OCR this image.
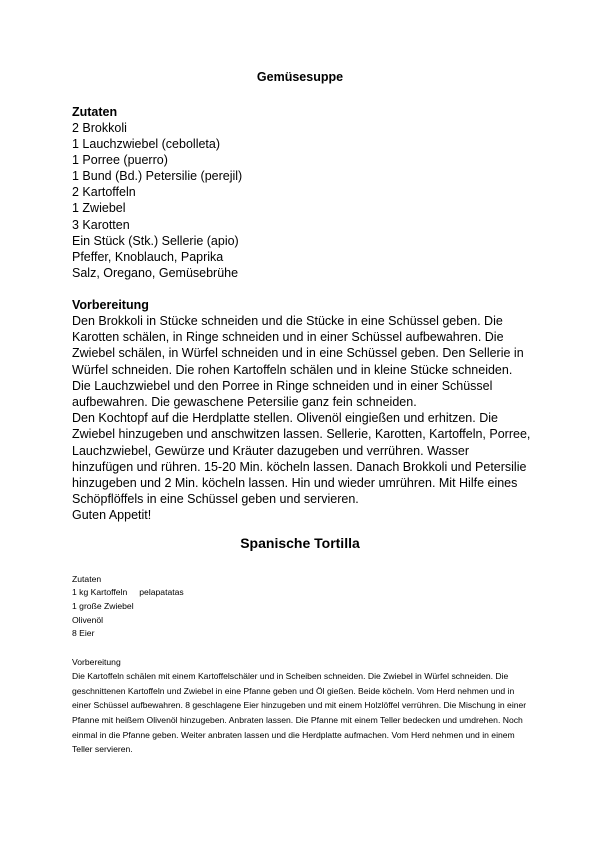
Gemüsesuppe
Zutaten
2 Brokkoli
1 Lauchzwiebel (cebolleta)
1 Porree (puerro)
1 Bund (Bd.) Petersilie (perejil)
2 Kartoffeln
1 Zwiebel
3 Karotten
Ein Stück (Stk.) Sellerie (apio)
Pfeffer, Knoblauch, Paprika
Salz, Oregano, Gemüsebrühe
Vorbereitung

Den Brokkoli in Stücke schneiden und die Stücke in eine Schüssel geben. Die Karotten schälen, in Ringe schneiden und in einer Schüssel aufbewahren. Die Zwiebel schälen, in Würfel schneiden und in eine Schüssel geben. Den Sellerie in Würfel schneiden. Die rohen Kartoffeln schälen und in kleine Stücke schneiden. Die Lauchzwiebel und den Porree in Ringe schneiden und in einer Schüssel aufbewahren. Die gewaschene Petersilie ganz fein schneiden.

Den Kochtopf auf die Herdplatte stellen. Olivenöl eingießen und erhitzen. Die Zwiebel hinzugeben und anschwitzen lassen. Sellerie, Karotten, Kartoffeln, Porree, Lauchzwiebel, Gewürze und Kräuter dazugeben und verrühren. Wasser hinzufügen und rühren. 15-20 Min. köcheln lassen. Danach Brokkoli und Petersilie hinzugeben und 2 Min. köcheln lassen. Hin und wieder umrühren. Mit Hilfe eines Schöpflöffels in eine Schüssel geben und servieren.

Guten Appetit!

Spanische Tortilla
Zutaten
1 kg Kartoffeln pelapatatas
1 große Zwiebel
Olivenöl
8 Eier
Vorbereitung

Die Kartoffeln schälen mit einem Kartoffelschäler und in Scheiben schneiden. Die Zwiebel in Würfel schneiden. Die geschnittenen Kartoffeln und Zwiebel in eine Pfanne geben und Öl gießen. Beide köcheln. Vom Herd nehmen und in einer Schüssel aufbewahren. 8 geschlagene Eier hinzugeben und mit einem Holzlöffel verrühren. Die Mischung in einer Pfanne mit heißem Olivenöl hinzugeben. Anbraten lassen. Die Pfanne mit einem Teller bedecken und umdrehen. Noch einmal in die Pfanne geben. Weiter anbraten lassen und die Herdplatte aufmachen. Vom Herd nehmen und in einem Teller servieren.
